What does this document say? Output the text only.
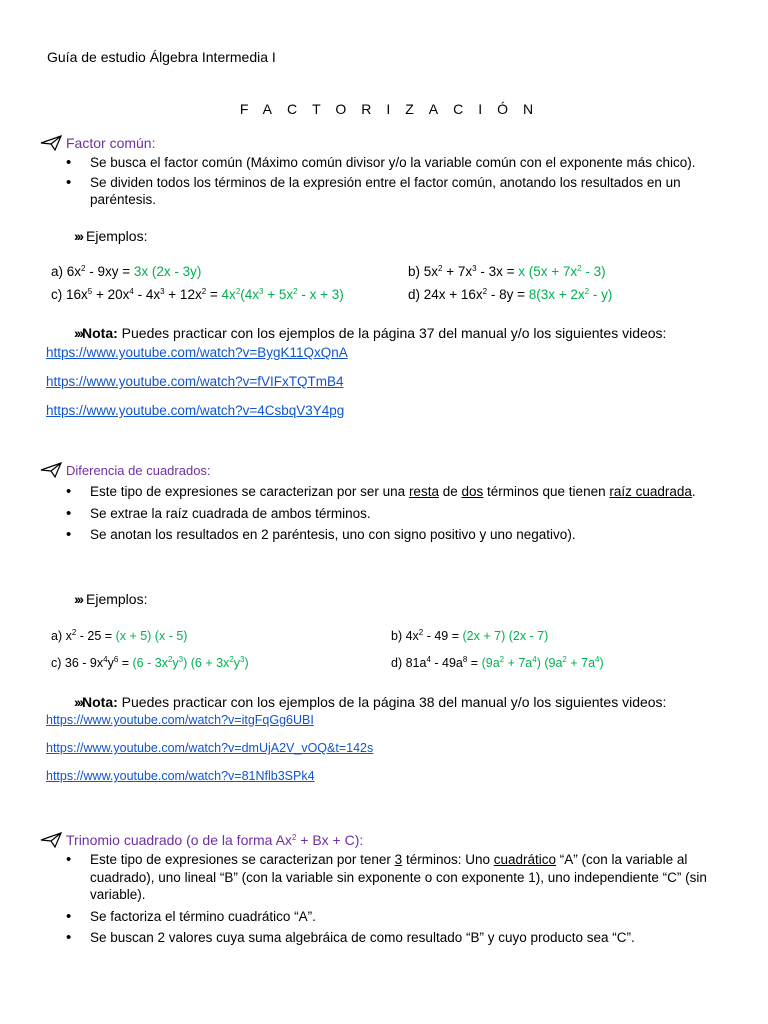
Guía de estudio Álgebra Intermedia I
FACTORIZACIÓN
Factor común:
• Se busca el factor común (Máximo común divisor y/o la variable común con el exponente más chico).
• Se dividen todos los términos de la expresión entre el factor común, anotando los resultados en un paréntesis.
››› Ejemplos:
a) $6x^2 - 9xy = 3x$ (2x - 3y)	b) $5x^2 + 7x^3 - 3x = x$ $(5x + 7x^2 - 3)$
c) $16x^5 + 20x^4 - 4x^3 + 12x^2 = 4x^2(4x^3 + 5x^2 - x + 3)$	d) $24x + 16x^2 - 8y = 8(3x + 2x^2 - y)$
›››Nota: Puedes practicar con los ejemplos de la página 37 del manual y/o los siguientes videos:
https://www.youtube.com/watch?v=BygK11QxQnA
https://www.youtube.com/watch?v=fVIFxTQTmB4
https://www.youtube.com/watch?v=4CsbqV3Y4pg
Diferencia de cuadrados:
• Este tipo de expresiones se caracterizan por ser una resta de dos términos que tienen raíz cuadrada.
• Se extrae la raíz cuadrada de ambos términos.
• Se anotan los resultados en 2 paréntesis, uno con signo positivo y uno negativo).
››› Ejemplos:
a) $x^2 - 25 = (x + 5)$ (x - 5)	b) $4x^2 - 49 = (2x + 7)$ (2x - 7)
c) $36 - 9x^4y^6 = (6 - 3x^2y^3) (6 + 3x^2y^3)$	d) $81a^4 - 49a^8 = (9a^2 + 7a^4) (9a^2 + 7a^4)$
›››Nota: Puedes practicar con los ejemplos de la página 38 del manual y/o los siguientes videos:
https://www.youtube.com/watch?v=itgFqGg6UBI
https://www.youtube.com/watch?v=dmUjA2V_vOQ&t=142s
https://www.youtube.com/watch?v=81Nflb3SPk4
Trinomio cuadrado (o de la forma $Ax^2 + Bx + C$):
• Este tipo de expresiones se caracterizan por tener 3 términos: Uno cuadrático “A” (con la variable al cuadrado), uno lineal “B” (con la variable sin exponente o con exponente 1), uno independiente “C” (sin variable).
• Se factoriza el término cuadrático “A”.
• Se buscan 2 valores cuya suma algebráica de como resultado “B” y cuyo producto sea “C”.
